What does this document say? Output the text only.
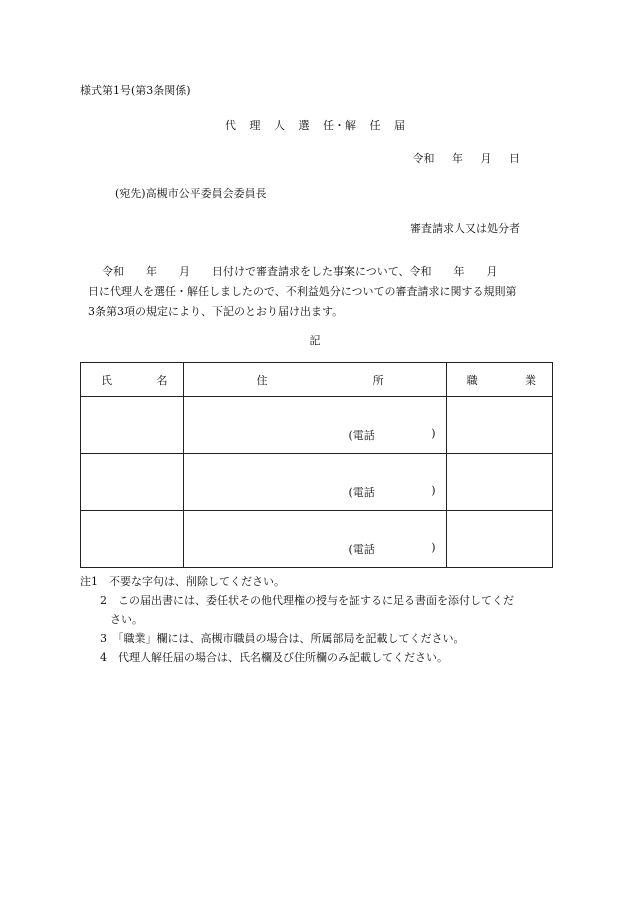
様式第1号(第3条関係)
代 理 人 選 任・解 任 届
令和 年 月 日
(宛先)高槻市公平委員会委員長
審査請求人又は処分者
令和　　年　　月　　日付けで審査請求をした事案について、令和　　年　　月
日に代理人を選任・解任しましたので、不利益処分についての審査請求に関する規則第
3条第3項の規定により、下記のとおり届け出ます。
記
氏 名	住 所	職 業

	(電話 )	

	(電話 )	

	(電話 )	

注1　不要な字句は、削除してください。
2　この届出書には、委任状その他代理権の授与を証するに足る書面を添付してくだ
さい。
3　「職業」欄には、高槻市職員の場合は、所属部局を記載してください。
4　代理人解任届の場合は、氏名欄及び住所欄のみ記載してください。
